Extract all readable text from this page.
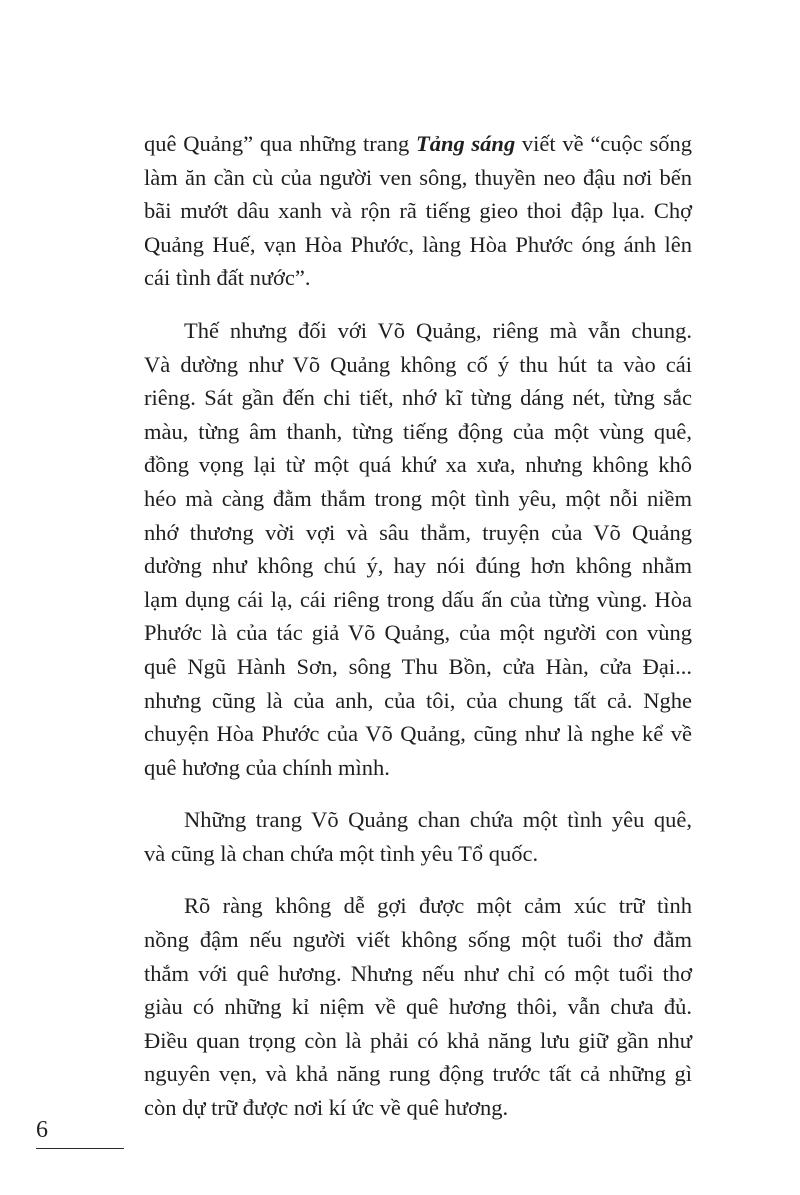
quê Quảng” qua những trang Tảng sáng viết về “cuộc sống
làm ăn cần cù của người ven sông, thuyền neo đậu nơi bến
bãi mướt dâu xanh và rộn rã tiếng gieo thoi đập lụa. Chợ
Quảng Huế, vạn Hòa Phước, làng Hòa Phước óng ánh lên
cái tình đất nước”.

Thế nhưng đối với Võ Quảng, riêng mà vẫn chung.
Và dường như Võ Quảng không cố ý thu hút ta vào cái
riêng. Sát gần đến chi tiết, nhớ kĩ từng dáng nét, từng sắc
màu, từng âm thanh, từng tiếng động của một vùng quê,
đồng vọng lại từ một quá khứ xa xưa, nhưng không khô
héo mà càng đằm thắm trong một tình yêu, một nỗi niềm
nhớ thương vời vợi và sâu thẳm, truyện của Võ Quảng
dường như không chú ý, hay nói đúng hơn không nhằm
lạm dụng cái lạ, cái riêng trong dấu ấn của từng vùng. Hòa
Phước là của tác giả Võ Quảng, của một người con vùng
quê Ngũ Hành Sơn, sông Thu Bồn, cửa Hàn, cửa Đại...
nhưng cũng là của anh, của tôi, của chung tất cả. Nghe
chuyện Hòa Phước của Võ Quảng, cũng như là nghe kể về
quê hương của chính mình.

Những trang Võ Quảng chan chứa một tình yêu quê,
và cũng là chan chứa một tình yêu Tổ quốc.

Rõ ràng không dễ gợi được một cảm xúc trữ tình
nồng đậm nếu người viết không sống một tuổi thơ đằm
thắm với quê hương. Nhưng nếu như chỉ có một tuổi thơ
giàu có những kỉ niệm về quê hương thôi, vẫn chưa đủ.
Điều quan trọng còn là phải có khả năng lưu giữ gần như
nguyên vẹn, và khả năng rung động trước tất cả những gì
còn dự trữ được nơi kí ức về quê hương.

6
